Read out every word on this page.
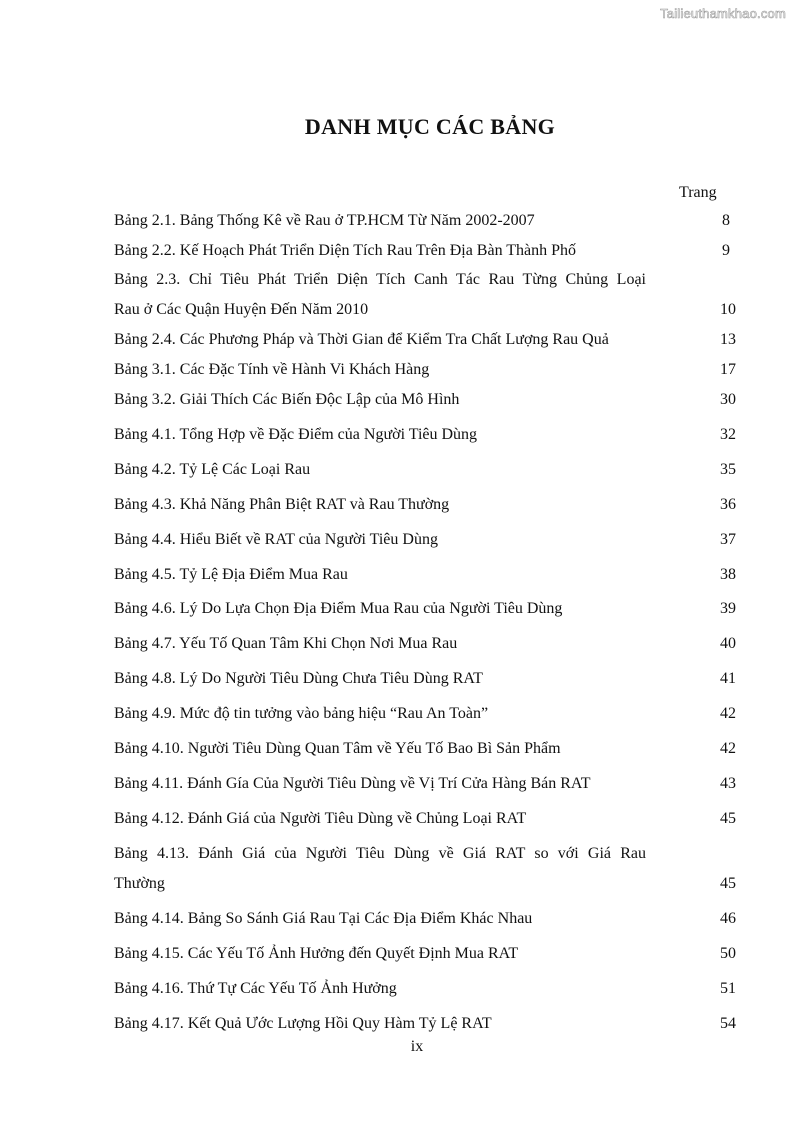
Tailieuthamkhao.com
DANH MỤC CÁC BẢNG
Trang
Bảng 2.1. Bảng Thống Kê về Rau ở TP.HCM Từ Năm 2002-2007	8
Bảng 2.2. Kế Hoạch Phát Triển Diện Tích Rau Trên Địa Bàn Thành Phố	9
Bảng 2.3. Chỉ Tiêu Phát Triển Diện Tích Canh Tác Rau Từng Chủng Loại
Rau ở Các Quận Huyện Đến Năm 2010	10
Bảng 2.4. Các Phương Pháp và Thời Gian để Kiểm Tra Chất Lượng Rau Quả	13
Bảng 3.1. Các Đặc Tính về Hành Vi Khách Hàng	17
Bảng 3.2. Giải Thích Các Biến Độc Lập của Mô Hình	30
Bảng 4.1. Tổng Hợp về Đặc Điểm của Người Tiêu Dùng	32
Bảng 4.2. Tỷ Lệ Các Loại Rau	35
Bảng 4.3. Khả Năng Phân Biệt RAT và Rau Thường	36
Bảng 4.4. Hiểu Biết về RAT của Người Tiêu Dùng	37
Bảng 4.5. Tỷ Lệ Địa Điểm Mua Rau	38
Bảng 4.6. Lý Do Lựa Chọn Địa Điểm Mua Rau của Người Tiêu Dùng	39
Bảng 4.7. Yếu Tố Quan Tâm Khi Chọn Nơi Mua Rau	40
Bảng 4.8. Lý Do Người Tiêu Dùng Chưa Tiêu Dùng RAT	41
Bảng 4.9. Mức độ tin tưởng vào bảng hiệu “Rau An Toàn”	42
Bảng 4.10. Người Tiêu Dùng Quan Tâm về Yếu Tố Bao Bì Sản Phẩm	42
Bảng 4.11. Đánh Gía Của Người Tiêu Dùng về Vị Trí Cửa Hàng Bán RAT	43
Bảng 4.12. Đánh Giá của Người Tiêu Dùng về Chủng Loại RAT	45
Bảng 4.13. Đánh Giá của Người Tiêu Dùng về Giá RAT so với Giá Rau
Thường	45
Bảng 4.14. Bảng So Sánh Giá Rau Tại Các Địa Điểm Khác Nhau	46
Bảng 4.15. Các Yếu Tố Ảnh Hưởng đến Quyết Định Mua RAT	50
Bảng 4.16. Thứ Tự Các Yếu Tố Ảnh Hưởng	51
Bảng 4.17. Kết Quả Ước Lượng Hồi Quy Hàm Tỷ Lệ RAT	54
ix
